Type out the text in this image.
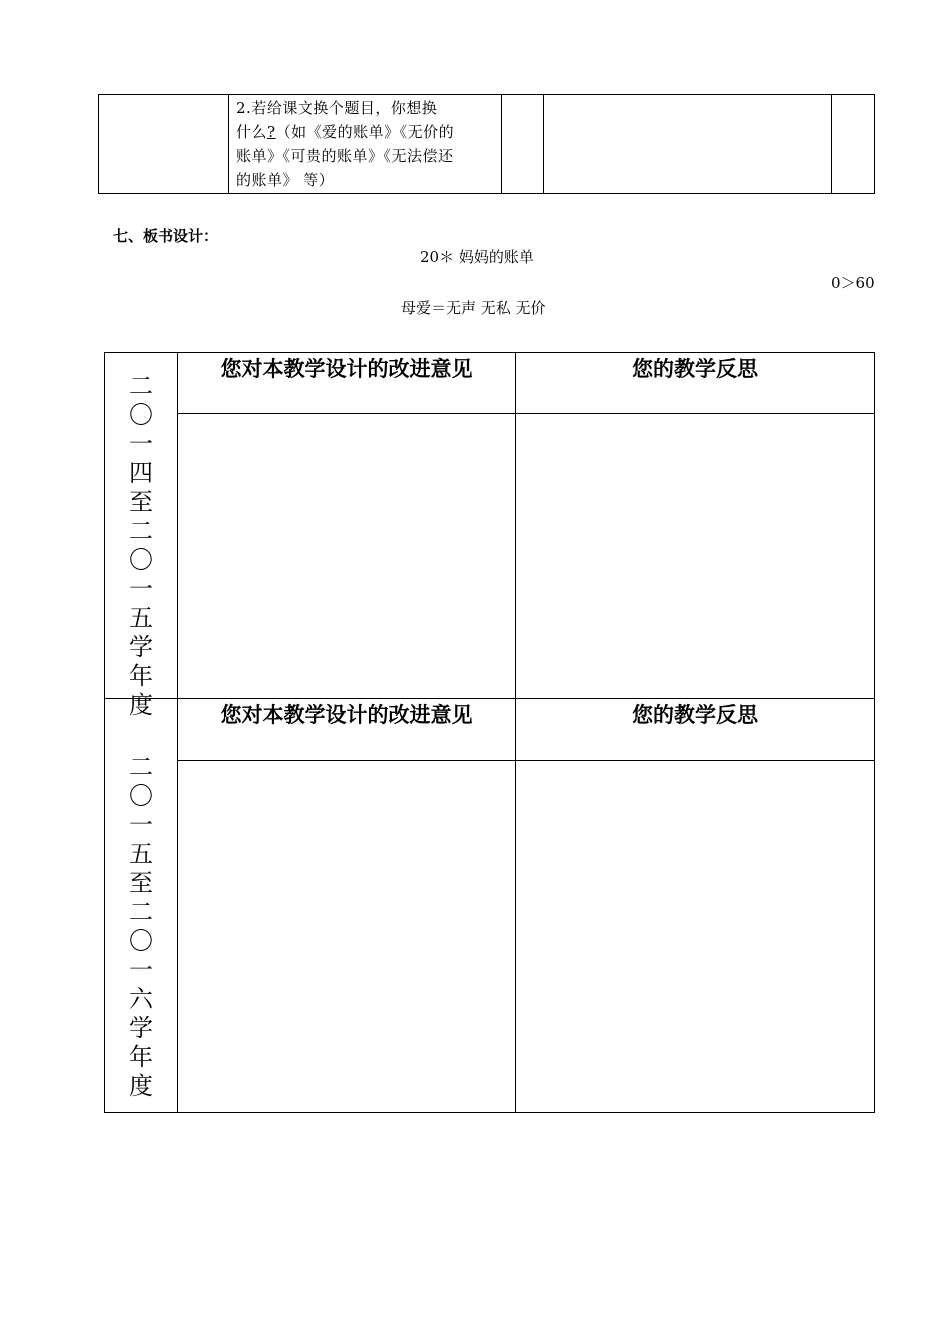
2.若给课文换个题目，你想换
什么?（如《爱的账单》《无价的
账单》《可贵的账单》《无法偿还
的账单》 等）
七、板书设计：
20＊ 妈妈的账单
0＞60
母爱＝无声 无私 无价
二
〇
一
四
至
二
〇
一
五
学
年
度
您对本教学设计的改进意见	您的教学反思
二
〇
一
五
至
二
〇
一
六
学
年
度
您对本教学设计的改进意见	您的教学反思
